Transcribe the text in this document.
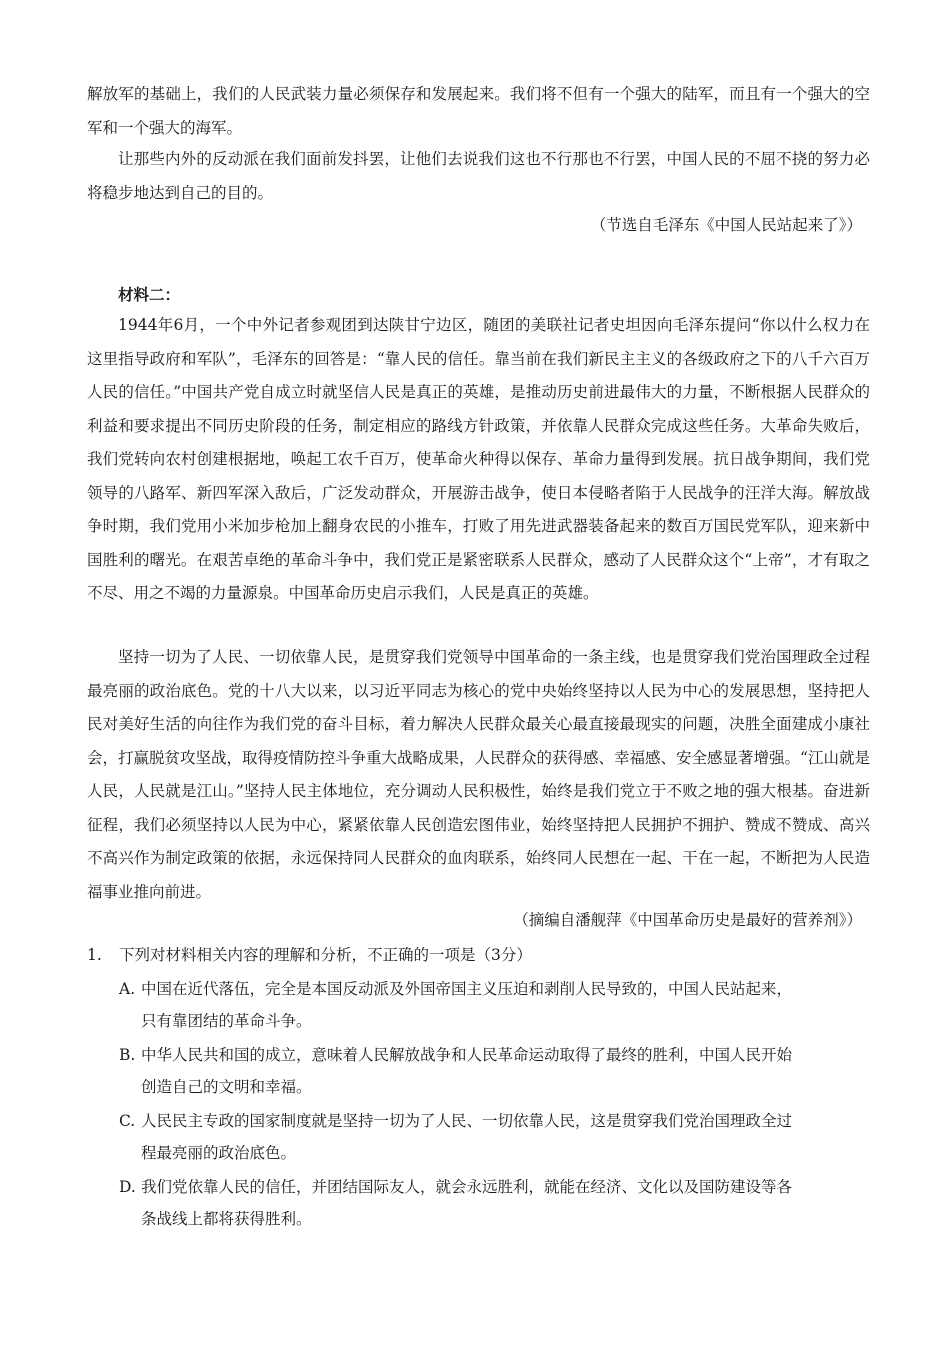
解放军的基础上，我们的人民武装力量必须保存和发展起来。我们将不但有一个强大的陆军，而且有一个强大的空军和一个强大的海军。
让那些内外的反动派在我们面前发抖罢，让他们去说我们这也不行那也不行罢，中国人民的不屈不挠的努力必将稳步地达到自己的目的。
（节选自毛泽东《中国人民站起来了》）
材料二：
1944年6月，一个中外记者参观团到达陕甘宁边区，随团的美联社记者史坦因向毛泽东提问“你以什么权力在这里指导政府和军队”，毛泽东的回答是：“靠人民的信任。靠当前在我们新民主主义的各级政府之下的八千六百万人民的信任。”中国共产党自成立时就坚信人民是真正的英雄，是推动历史前进最伟大的力量，不断根据人民群众的利益和要求提出不同历史阶段的任务，制定相应的路线方针政策，并依靠人民群众完成这些任务。大革命失败后，我们党转向农村创建根据地，唤起工农千百万，使革命火种得以保存、革命力量得到发展。抗日战争期间，我们党领导的八路军、新四军深入敌后，广泛发动群众，开展游击战争，使日本侵略者陷于人民战争的汪洋大海。解放战争时期，我们党用小米加步枪加上翻身农民的小推车，打败了用先进武器装备起来的数百万国民党军队，迎来新中国胜利的曙光。在艰苦卓绝的革命斗争中，我们党正是紧密联系人民群众，感动了人民群众这个“上帝”，才有取之不尽、用之不竭的力量源泉。中国革命历史启示我们，人民是真正的英雄。
坚持一切为了人民、一切依靠人民，是贯穿我们党领导中国革命的一条主线，也是贯穿我们党治国理政全过程最亮丽的政治底色。党的十八大以来，以习近平同志为核心的党中央始终坚持以人民为中心的发展思想，坚持把人民对美好生活的向往作为我们党的奋斗目标，着力解决人民群众最关心最直接最现实的问题，决胜全面建成小康社会，打赢脱贫攻坚战，取得疫情防控斗争重大战略成果，人民群众的获得感、幸福感、安全感显著增强。“江山就是人民，人民就是江山。”坚持人民主体地位，充分调动人民积极性，始终是我们党立于不败之地的强大根基。奋进新征程，我们必须坚持以人民为中心，紧紧依靠人民创造宏图伟业，始终坚持把人民拥护不拥护、赞成不赞成、高兴不高兴作为制定政策的依据，永远保持同人民群众的血肉联系，始终同人民想在一起、干在一起，不断把为人民造福事业推向前进。
（摘编自潘舰萍《中国革命历史是最好的营养剂》）
1. 下列对材料相关内容的理解和分析，不正确的一项是（3分）
A. 中国在近代落伍，完全是本国反动派及外国帝国主义压迫和剥削人民导致的，中国人民站起来，
只有靠团结的革命斗争。
B. 中华人民共和国的成立，意味着人民解放战争和人民革命运动取得了最终的胜利，中国人民开始
创造自己的文明和幸福。
C. 人民民主专政的国家制度就是坚持一切为了人民、一切依靠人民，这是贯穿我们党治国理政全过
程最亮丽的政治底色。
D. 我们党依靠人民的信任，并团结国际友人，就会永远胜利，就能在经济、文化以及国防建设等各
条战线上都将获得胜利。
